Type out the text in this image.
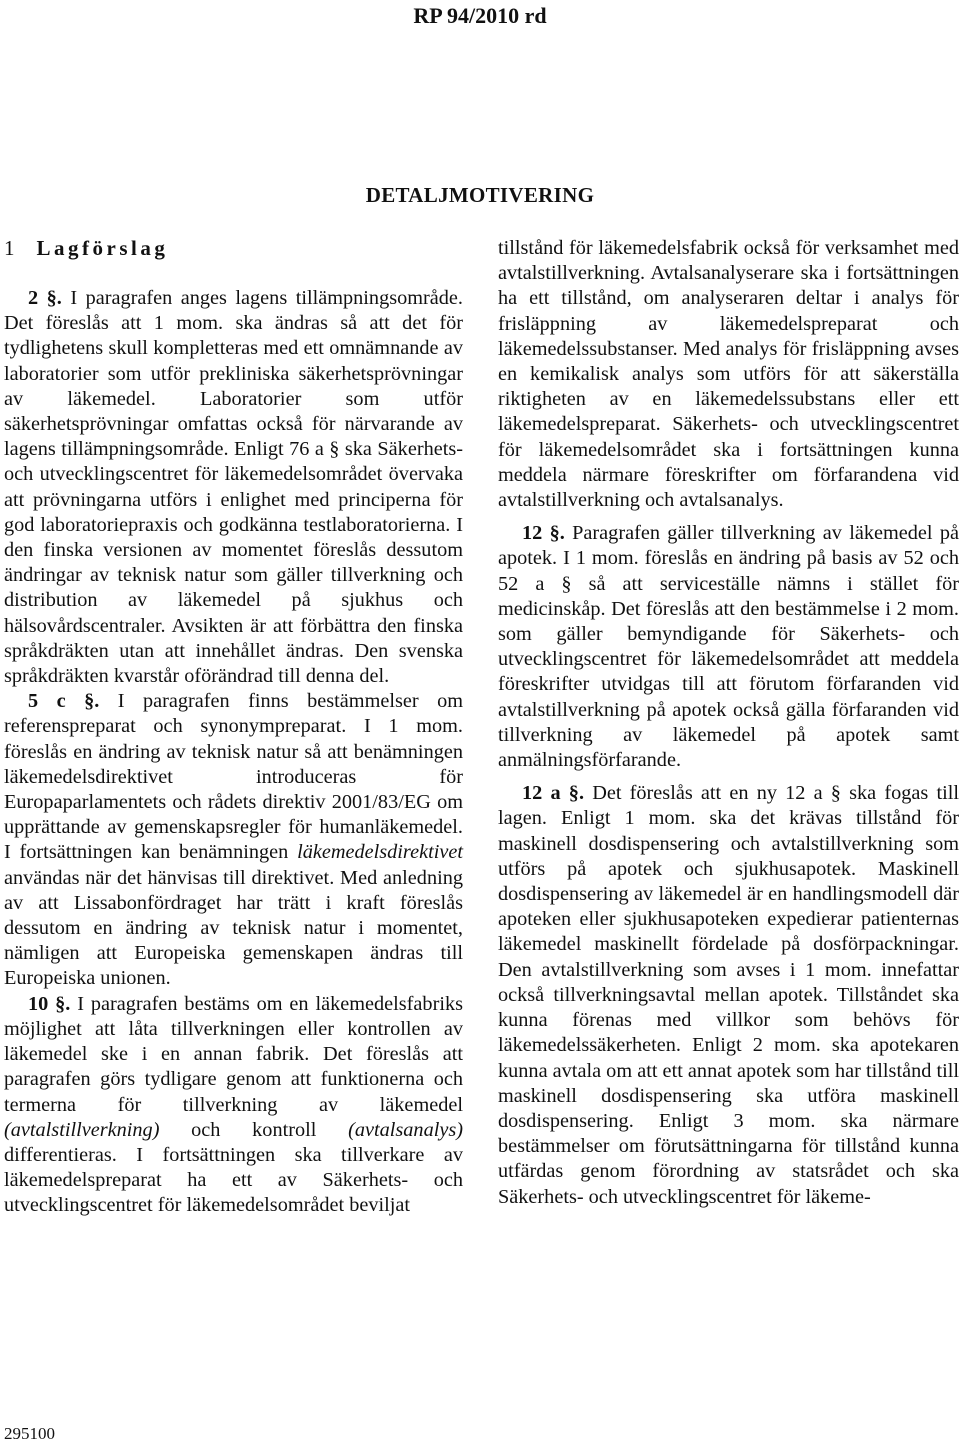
RP 94/2010 rd
DETALJMOTIVERING
1 Lagförslag

2 §. I paragrafen anges lagens tillämpningsområde. Det föreslås att 1 mom. ska ändras så att det för tydlighetens skull kompletteras med ett omnämnande av laboratorier som utför prekliniska säkerhetsprövningar av läkemedel. Laboratorier som utför säkerhetsprövningar omfattas också för närvarande av lagens tillämpningsområde. Enligt 76 a § ska Säkerhets- och utvecklingscentret för läkemedelsområdet övervaka att prövningarna utförs i enlighet med principerna för god laboratoriepraxis och godkänna testlaboratorierna. I den finska versionen av momentet föreslås dessutom ändringar av teknisk natur som gäller tillverkning och distribution av läkemedel på sjukhus och hälsovårdscentraler. Avsikten är att förbättra den finska språkdräkten utan att innehållet ändras. Den svenska språkdräkten kvarstår oförändrad till denna del.

5 c §. I paragrafen finns bestämmelser om referenspreparat och synonympreparat. I 1 mom. föreslås en ändring av teknisk natur så att benämningen läkemedelsdirektivet introduceras för Europaparlamentets och rådets direktiv 2001/83/EG om upprättande av gemenskapsregler för humanläkemedel. I fortsättningen kan benämningen läkemedelsdirektivet användas när det hänvisas till direktivet. Med anledning av att Lissabonfördraget har trätt i kraft föreslås dessutom en ändring av teknisk natur i momentet, nämligen att Europeiska gemenskapen ändras till Europeiska unionen.

10 §. I paragrafen bestäms om en läkemedelsfabriks möjlighet att låta tillverkningen eller kontrollen av läkemedel ske i en annan fabrik. Det föreslås att paragrafen görs tydligare genom att funktionerna och termerna för tillverkning av läkemedel (avtalstillverkning) och kontroll (avtalsanalys) differentieras. I fortsättningen ska tillverkare av läkemedelspreparat ha ett av Säkerhets- och utvecklingscentret för läkemedelsområdet beviljat

tillstånd för läkemedelsfabrik också för verksamhet med avtalstillverkning. Avtalsanalyserare ska i fortsättningen ha ett tillstånd, om analyseraren deltar i analys för frisläppning av läkemedelspreparat och läkemedelssubstanser. Med analys för frisläppning avses en kemikalisk analys som utförs för att säkerställa riktigheten av en läkemedelssubstans eller ett läkemedelspreparat. Säkerhets- och utvecklingscentret för läkemedelsområdet ska i fortsättningen kunna meddela närmare föreskrifter om förfarandena vid avtalstillverkning och avtalsanalys.

12 §. Paragrafen gäller tillverkning av läkemedel på apotek. I 1 mom. föreslås en ändring på basis av 52 och 52 a § så att serviceställe nämns i stället för medicinskåp. Det föreslås att den bestämmelse i 2 mom. som gäller bemyndigande för Säkerhets- och utvecklingscentret för läkemedelsområdet att meddela föreskrifter utvidgas till att förutom förfaranden vid avtalstillverkning på apotek också gälla förfaranden vid tillverkning av läkemedel på apotek samt anmälningsförfarande.

12 a §. Det föreslås att en ny 12 a § ska fogas till lagen. Enligt 1 mom. ska det krävas tillstånd för maskinell dosdispensering och avtalstillverkning som utförs på apotek och sjukhusapotek. Maskinell dosdispensering av läkemedel är en handlingsmodell där apoteken eller sjukhusapoteken expedierar patienternas läkemedel maskinellt fördelade på dosförpackningar. Den avtalstillverkning som avses i 1 mom. innefattar också tillverkningsavtal mellan apotek. Tillståndet ska kunna förenas med villkor som behövs för läkemedelssäkerheten. Enligt 2 mom. ska apotekaren kunna avtala om att ett annat apotek som har tillstånd till maskinell dosdispensering ska utföra maskinell dosdispensering. Enligt 3 mom. ska närmare bestämmelser om förutsättningarna för tillstånd kunna utfärdas genom förordning av statsrådet och ska Säkerhets- och utvecklingscentret för läkeme-

295100
